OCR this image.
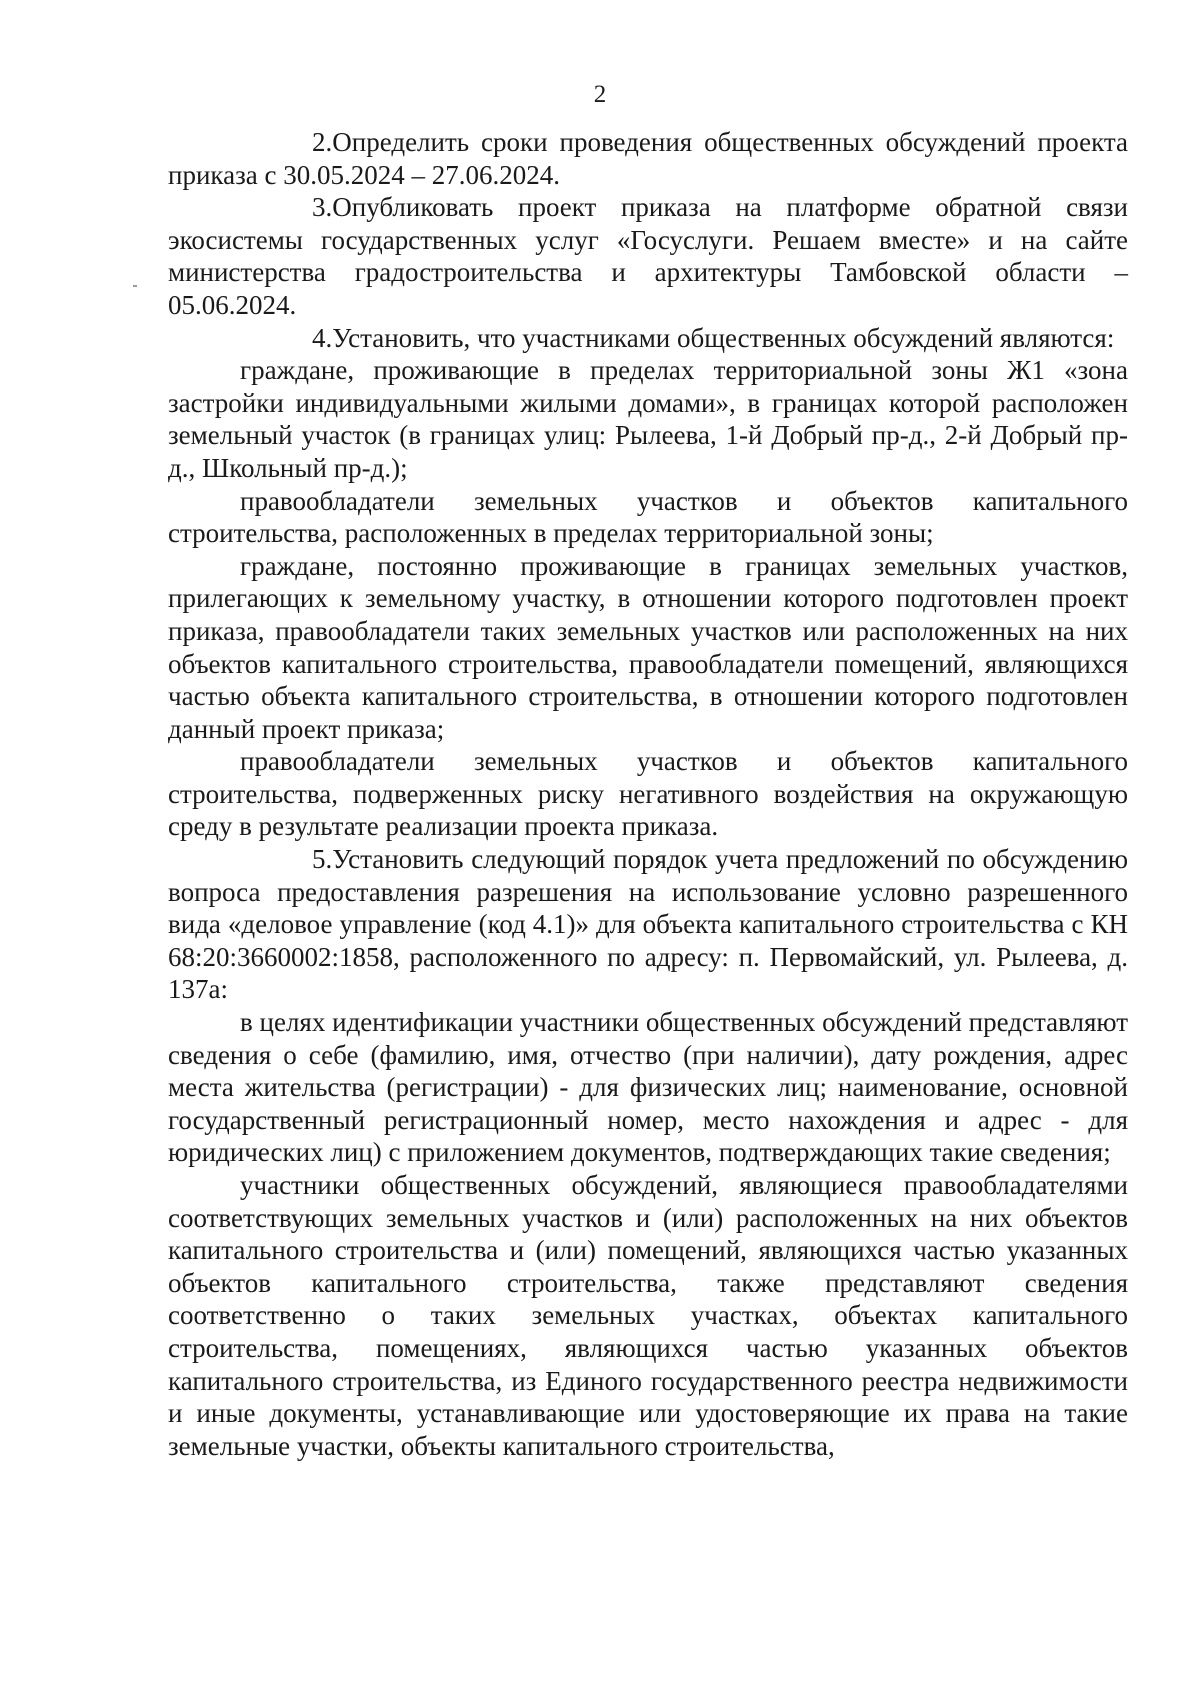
2

2.Определить сроки проведения общественных обсуждений проекта приказа с 30.05.2024 – 27.06.2024.

3.Опубликовать проект приказа на платформе обратной связи экосистемы государственных услуг «Госуслуги. Решаем вместе» и на сайте министерства градостроительства и архитектуры Тамбовской области – 05.06.2024.

4.Установить, что участниками общественных обсуждений являются:

граждане, проживающие в пределах территориальной зоны Ж1 «зона застройки индивидуальными жилыми домами», в границах которой расположен земельный участок (в границах улиц: Рылеева, 1-й Добрый пр-д., 2-й Добрый пр-д., Школьный пр-д.);

правообладатели земельных участков и объектов капитального строительства, расположенных в пределах территориальной зоны;

граждане, постоянно проживающие в границах земельных участков, прилегающих к земельному участку, в отношении которого подготовлен проект приказа, правообладатели таких земельных участков или расположенных на них объектов капитального строительства, правообладатели помещений, являющихся частью объекта капитального строительства, в отношении которого подготовлен данный проект приказа;

правообладатели земельных участков и объектов капитального строительства, подверженных риску негативного воздействия на окружающую среду в результате реализации проекта приказа.

5.Установить следующий порядок учета предложений по обсуждению вопроса предоставления разрешения на использование условно разрешенного вида «деловое управление (код 4.1)» для объекта капитального строительства с КН 68:20:3660002:1858, расположенного по адресу: п. Первомайский, ул. Рылеева, д. 137а:

в целях идентификации участники общественных обсуждений представляют сведения о себе (фамилию, имя, отчество (при наличии), дату рождения, адрес места жительства (регистрации) - для физических лиц; наименование, основной государственный регистрационный номер, место нахождения и адрес - для юридических лиц) с приложением документов, подтверждающих такие сведения;

участники общественных обсуждений, являющиеся правообладателями соответствующих земельных участков и (или) расположенных на них объектов капитального строительства и (или) помещений, являющихся частью указанных объектов капитального строительства, также представляют сведения соответственно о таких земельных участках, объектах капитального строительства, помещениях, являющихся частью указанных объектов капитального строительства, из Единого государственного реестра недвижимости и иные документы, устанавливающие или удостоверяющие их права на такие земельные участки, объекты капитального строительства,
